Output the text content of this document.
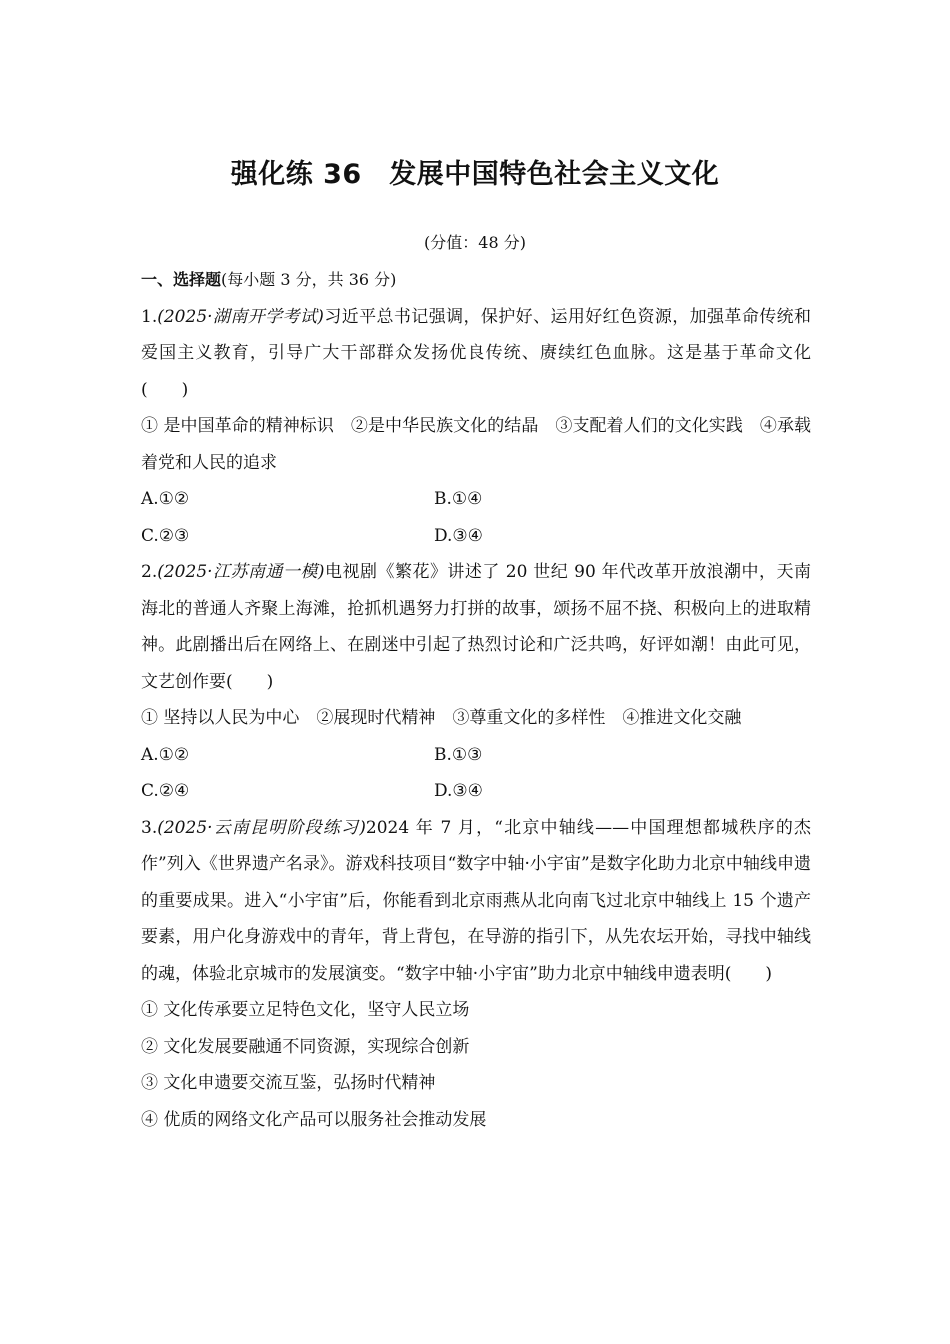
强化练 36　发展中国特色社会主义文化
(分值：48 分)
一、选择题(每小题 3 分，共 36 分)
1.(2025·湖南开学考试)习近平总书记强调，保护好、运用好红色资源，加强革命传统和爱国主义教育，引导广大干部群众发扬优良传统、赓续红色血脉。这是基于革命文化(　　)
① 是中国革命的精神标识　②是中华民族文化的结晶　③支配着人们的文化实践　④承载着党和人民的追求
A.①②	B.①④
C.②③	D.③④
2.(2025·江苏南通一模)电视剧《繁花》讲述了 20 世纪 90 年代改革开放浪潮中，天南海北的普通人齐聚上海滩，抢抓机遇努力打拼的故事，颂扬不屈不挠、积极向上的进取精神。此剧播出后在网络上、在剧迷中引起了热烈讨论和广泛共鸣，好评如潮！由此可见，文艺创作要(　　)
① 坚持以人民为中心　②展现时代精神　③尊重文化的多样性　④推进文化交融
A.①②	B.①③
C.②④	D.③④
3.(2025·云南昆明阶段练习)2024 年 7 月，“北京中轴线——中国理想都城秩序的杰作”列入《世界遗产名录》。游戏科技项目“数字中轴·小宇宙”是数字化助力北京中轴线申遗的重要成果。进入“小宇宙”后，你能看到北京雨燕从北向南飞过北京中轴线上 15 个遗产要素，用户化身游戏中的青年，背上背包，在导游的指引下，从先农坛开始，寻找中轴线的魂，体验北京城市的发展演变。“数字中轴·小宇宙”助力北京中轴线申遗表明(　　)
① 文化传承要立足特色文化，坚守人民立场
② 文化发展要融通不同资源，实现综合创新
③ 文化申遗要交流互鉴，弘扬时代精神
④ 优质的网络文化产品可以服务社会推动发展
